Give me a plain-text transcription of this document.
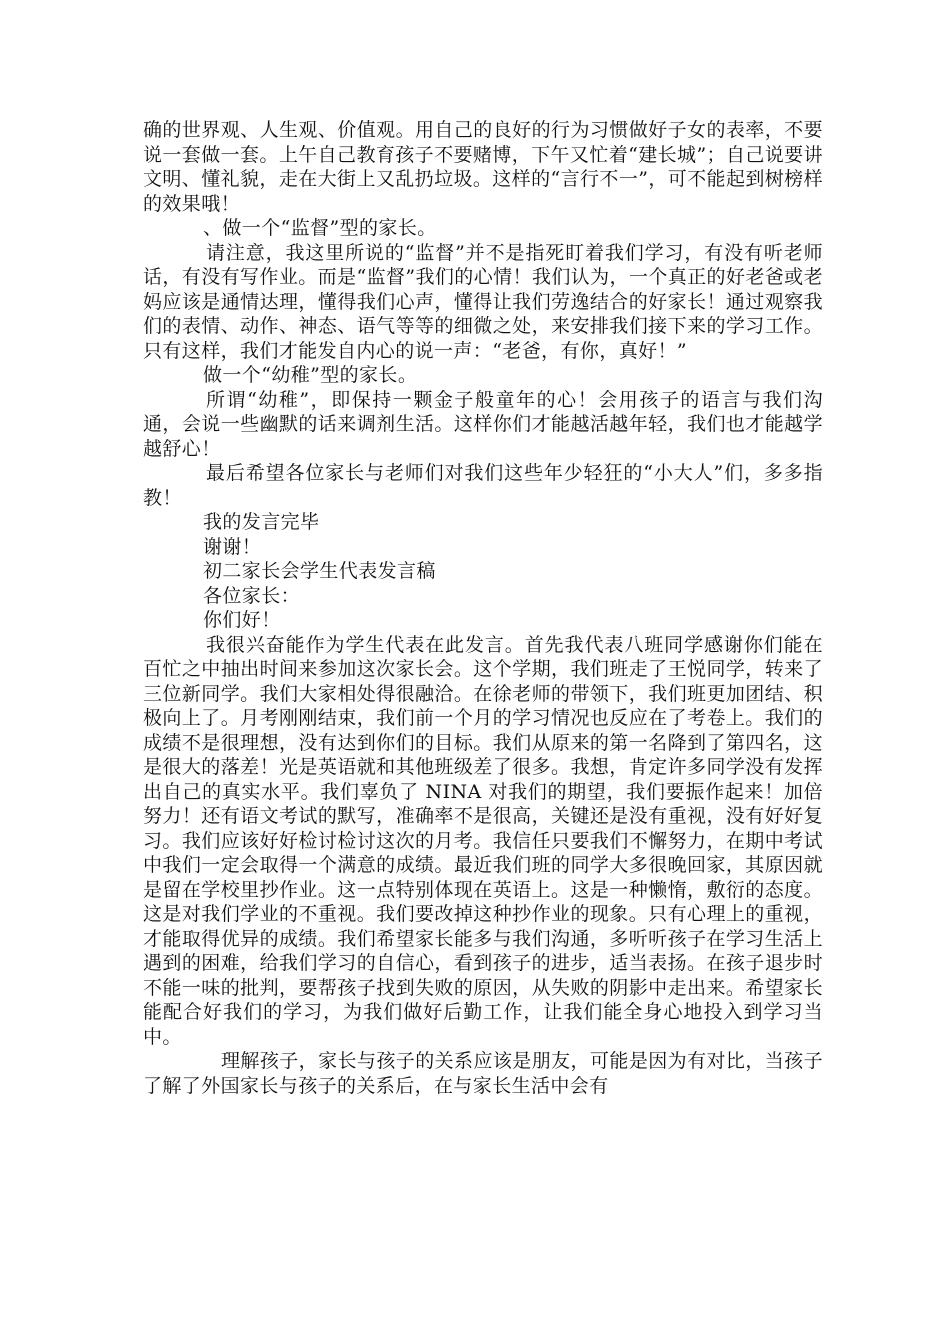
确的世界观、人生观、价值观。用自己的良好的行为习惯做好子女的表率，不要说一套做一套。上午自己教育孩子不要赌博，下午又忙着“建长城”；自己说要讲文明、懂礼貌，走在大街上又乱扔垃圾。这样的“言行不一”，可不能起到树榜样的效果哦！

、做一个“监督”型的家长。

请注意，我这里所说的“监督”并不是指死盯着我们学习，有没有听老师话，有没有写作业。而是“监督”我们的心情！我们认为，一个真正的好老爸或老妈应该是通情达理，懂得我们心声，懂得让我们劳逸结合的好家长！通过观察我们的表情、动作、神态、语气等等的细微之处，来安排我们接下来的学习工作。只有这样，我们才能发自内心的说一声：“老爸，有你，真好！”

做一个“幼稚”型的家长。

所谓“幼稚”，即保持一颗金子般童年的心！会用孩子的语言与我们沟通，会说一些幽默的话来调剂生活。这样你们才能越活越年轻，我们也才能越学越舒心！

最后希望各位家长与老师们对我们这些年少轻狂的“小大人”们，多多指教！

我的发言完毕

谢谢！

初二家长会学生代表发言稿

各位家长：

你们好！

我很兴奋能作为学生代表在此发言。首先我代表八班同学感谢你们能在百忙之中抽出时间来参加这次家长会。这个学期，我们班走了王悦同学，转来了三位新同学。我们大家相处得很融洽。在徐老师的带领下，我们班更加团结、积极向上了。月考刚刚结束，我们前一个月的学习情况也反应在了考卷上。我们的成绩不是很理想，没有达到你们的目标。我们从原来的第一名降到了第四名，这是很大的落差！光是英语就和其他班级差了很多。我想，肯定许多同学没有发挥出自己的真实水平。我们辜负了 NINA 对我们的期望，我们要振作起来！加倍努力！还有语文考试的默写，准确率不是很高，关键还是没有重视，没有好好复习。我们应该好好检讨检讨这次的月考。我信任只要我们不懈努力，在期中考试中我们一定会取得一个满意的成绩。最近我们班的同学大多很晚回家，其原因就是留在学校里抄作业。这一点特别体现在英语上。这是一种懒惰，敷衍的态度。这是对我们学业的不重视。我们要改掉这种抄作业的现象。只有心理上的重视，才能取得优异的成绩。我们希望家长能多与我们沟通，多听听孩子在学习生活上遇到的困难，给我们学习的自信心，看到孩子的进步，适当表扬。在孩子退步时不能一味的批判，要帮孩子找到失败的原因，从失败的阴影中走出来。希望家长能配合好我们的学习，为我们做好后勤工作，让我们能全身心地投入到学习当中。

理解孩子，家长与孩子的关系应该是朋友，可能是因为有对比，当孩子了解了外国家长与孩子的关系后，在与家长生活中会有
